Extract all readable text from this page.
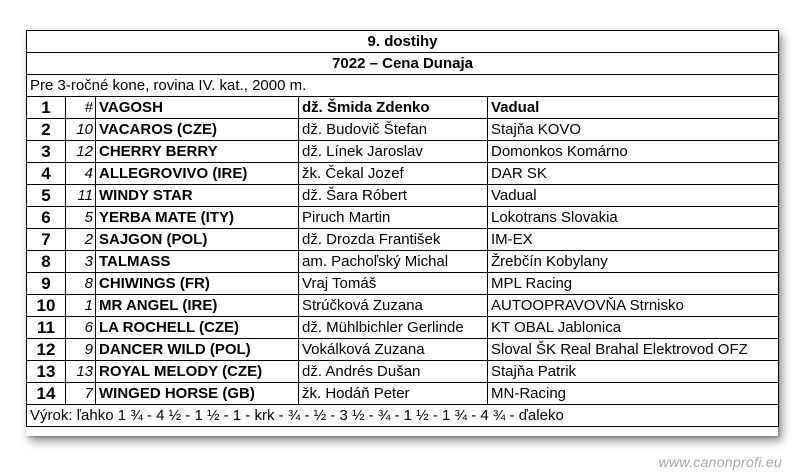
9. dostihy				
7022 – Cena Dunaja				
Pre 3-ročné kone, rovina IV. kat., 2000 m.				
1	#	VAGOSH	dž. Šmida Zdenko	Vadual
2	10	VACAROS (CZE)	dž. Budovič Štefan	Stajňa KOVO
3	12	CHERRY BERRY	dž. Línek Jaroslav	Domonkos Komárno
4	4	ALLEGROVIVO (IRE)	žk. Čekal Jozef	DAR SK
5	11	WINDY STAR	dž. Šara Róbert	Vadual
6	5	YERBA MATE (ITY)	Piruch Martin	Lokotrans Slovakia
7	2	SAJGON (POL)	dž. Drozda František	IM-EX
8	3	TALMASS	am. Pachoľský Michal	Žrebčín Kobylany
9	8	CHIWINGS (FR)	Vraj Tomáš	MPL Racing
10	1	MR ANGEL (IRE)	Strúčková Zuzana	AUTOOPRAVOVŇA Strnisko
11	6	LA ROCHELL (CZE)	dž. Mühlbichler Gerlinde	KT OBAL Jablonica
12	9	DANCER WILD (POL)	Vokálková Zuzana	Sloval ŠK Real Brahal Elektrovod OFZ
13	13	ROYAL MELODY (CZE)	dž. Andrés Dušan	Stajňa Patrik
14	7	WINGED HORSE (GB)	žk. Hodáň Peter	MN-Racing
Výrok: ľahko 1 ¾ - 4 ½ - 1 ½ - 1 - krk - ¾ - ½ - 3 ½ - ¾ - 1 ½ - 1 ¾ - 4 ¾ - ďaleko				
www.canonprofi.eu
